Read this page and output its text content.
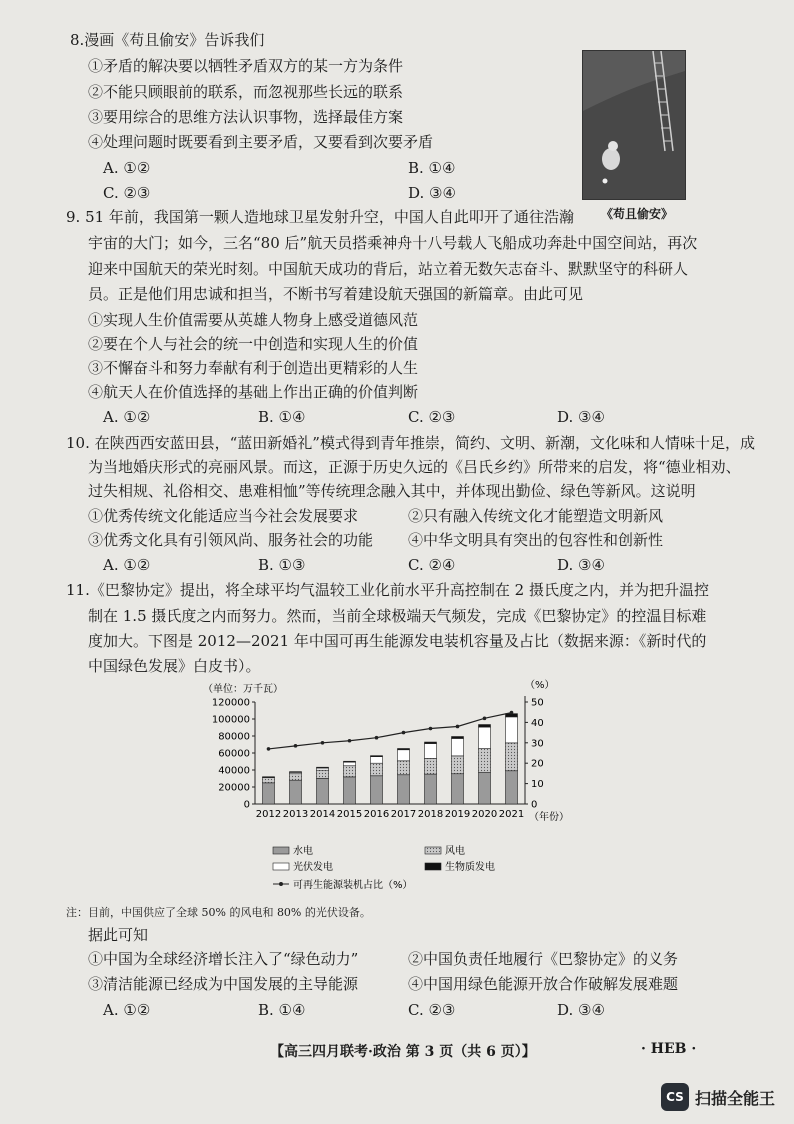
8.漫画《苟且偷安》告诉我们
①矛盾的解决要以牺牲矛盾双方的某一方为条件
②不能只顾眼前的联系，而忽视那些长远的联系
③要用综合的思维方法认识事物，选择最佳方案
④处理问题时既要看到主要矛盾，又要看到次要矛盾
A. ①②	B. ①④
C. ②③	D. ③④
《苟且偷安》
9. 51 年前，我国第一颗人造地球卫星发射升空，中国人自此叩开了通往浩瀚
宇宙的大门；如今，三名“80 后”航天员搭乘神舟十八号载人飞船成功奔赴中国空间站，再次
迎来中国航天的荣光时刻。中国航天成功的背后，站立着无数矢志奋斗、默默坚守的科研人
员。正是他们用忠诚和担当，不断书写着建设航天强国的新篇章。由此可见
①实现人生价值需要从英雄人物身上感受道德风范
②要在个人与社会的统一中创造和实现人生的价值
③不懈奋斗和努力奉献有利于创造出更精彩的人生
④航天人在价值选择的基础上作出正确的价值判断
A. ①②	B. ①④	C. ②③	D. ③④
10. 在陕西西安蓝田县，“蓝田新婚礼”模式得到青年推崇，简约、文明、新潮，文化味和人情味十足，成
为当地婚庆形式的亮丽风景。而这，正源于历史久远的《吕氏乡约》所带来的启发，将“德业相劝、
过失相规、礼俗相交、患难相恤”等传统理念融入其中，并体现出勤俭、绿色等新风。这说明
①优秀传统文化能适应当今社会发展要求	②只有融入传统文化才能塑造文明新风
③优秀文化具有引领风尚、服务社会的功能 ④中华文明具有突出的包容性和创新性
A. ①②	B. ①③	C. ②④	D. ③④
11.《巴黎协定》提出，将全球平均气温较工业化前水平升高控制在 2 摄氏度之内，并为把升温控
制在 1.5 摄氏度之内而努力。然而，当前全球极端天气频发，完成《巴黎协定》的控温目标难
度加大。下图是 2012—2021 年中国可再生能源发电装机容量及占比（数据来源：《新时代的
中国绿色发展》白皮书）。
（单位：万千瓦）	（%）
（年份）
0
20000
40000
60000
80000
100000
120000
0
10
20
30
40
50
2012 2013 2014 2015 2016 2017 2018 2019 2020 2021
水电	风电
光伏发电	生物质发电
可再生能源装机占比（%）
注：目前，中国供应了全球 50% 的风电和 80% 的光伏设备。
据此可知
①中国为全球经济增长注入了“绿色动力”	②中国负责任地履行《巴黎协定》的义务
③清洁能源已经成为中国发展的主导能源	④中国用绿色能源开放合作破解发展难题
A. ①②	B. ①④	C. ②③	D. ③④
【高三四月联考·政治 第 3 页（共 6 页）】	· HEB ·
CS 扫描全能王
